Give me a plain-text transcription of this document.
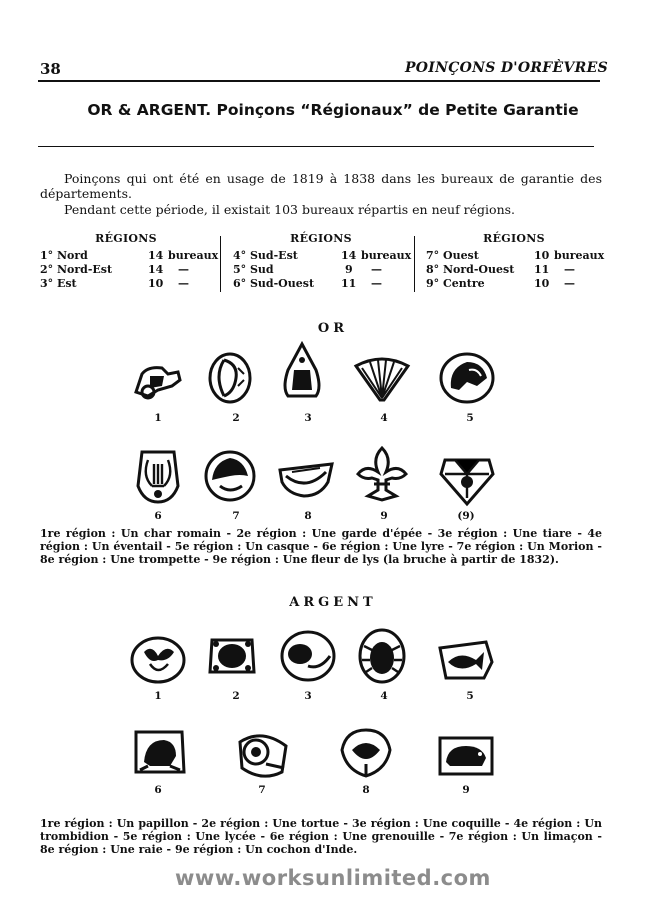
38	POINÇONS D'ORFÈVRES
OR & ARGENT. Poinçons “Régionaux” de Petite Garantie
Poinçons qui ont été en usage de 1819 à 1838 dans les bureaux de garantie des départements.
Pendant cette période, il existait 103 bureaux répartis en neuf régions.
RÉGIONS
1° Nord	14 bureaux
2° Nord-Est	14 —
3° Est	10 —
RÉGIONS
4° Sud-Est	14 bureaux
5° Sud	9 —
6° Sud-Ouest 11 —
RÉGIONS
7° Ouest	10 bureaux
8° Nord-Ouest 11 —
9° Centre	10 —
OR
1	2	3	4	5
6	7	8	9	(9)
1re région : Un char romain - 2e région : Une garde d'épée - 3e région : Une tiare - 4e région : Un éventail - 5e région : Un casque - 6e région : Une lyre - 7e région : Un Morion - 8e région : Une trompette - 9e région : Une fleur de lys (la bruche à partir de 1832).
ARGENT
1	2	3	4	5
6	7	8	9
1re région : Un papillon - 2e région : Une tortue - 3e région : Une coquille - 4e région : Un trombidion - 5e région : Une lycée - 6e région : Une grenouille - 7e région : Un limaçon - 8e région : Une raie - 9e région : Un cochon d'Inde.
www.worksunlimited.com
